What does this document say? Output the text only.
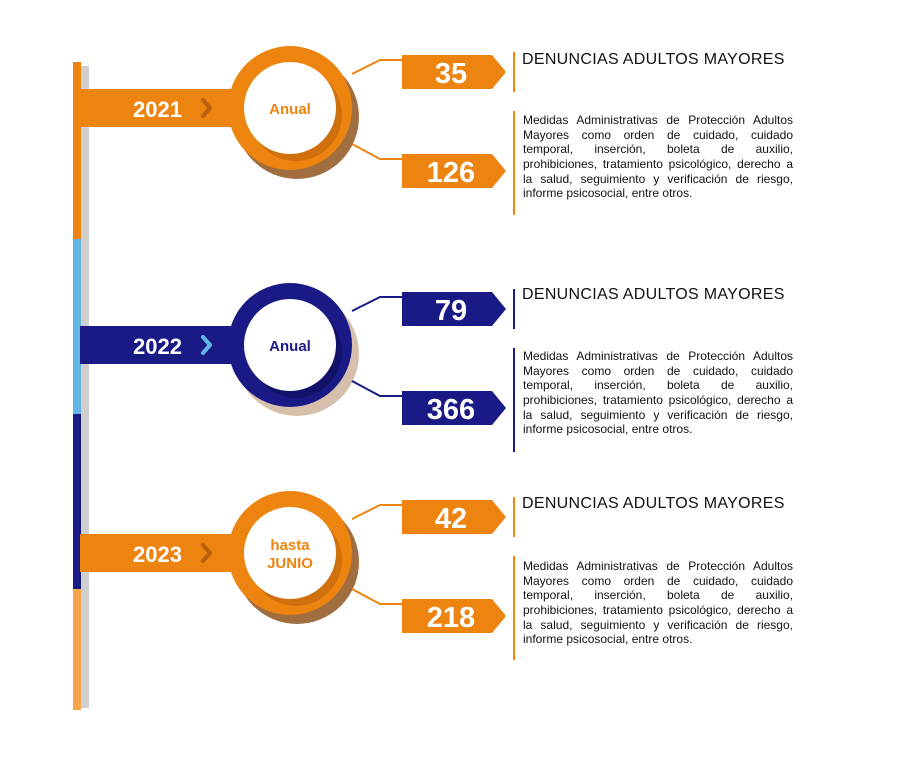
2021	Anual
35
126
2022	Anual
79
366
2023	hasta
JUNIO
42
218
DENUNCIAS ADULTOS MAYORES
Medidas Administrativas de Protección Adultos Mayores como orden de cuidado, cuidado temporal, inserción, boleta de auxilio, prohibiciones, tratamiento psicológico, derecho a la salud, seguimiento y verificación de riesgo, informe psicosocial, entre otros.
DENUNCIAS ADULTOS MAYORES
Medidas Administrativas de Protección Adultos Mayores como orden de cuidado, cuidado temporal, inserción, boleta de auxilio, prohibiciones, tratamiento psicológico, derecho a la salud, seguimiento y verificación de riesgo, informe psicosocial, entre otros.
DENUNCIAS ADULTOS MAYORES
Medidas Administrativas de Protección Adultos Mayores como orden de cuidado, cuidado temporal, inserción, boleta de auxilio, prohibiciones, tratamiento psicológico, derecho a la salud, seguimiento y verificación de riesgo, informe psicosocial, entre otros.
